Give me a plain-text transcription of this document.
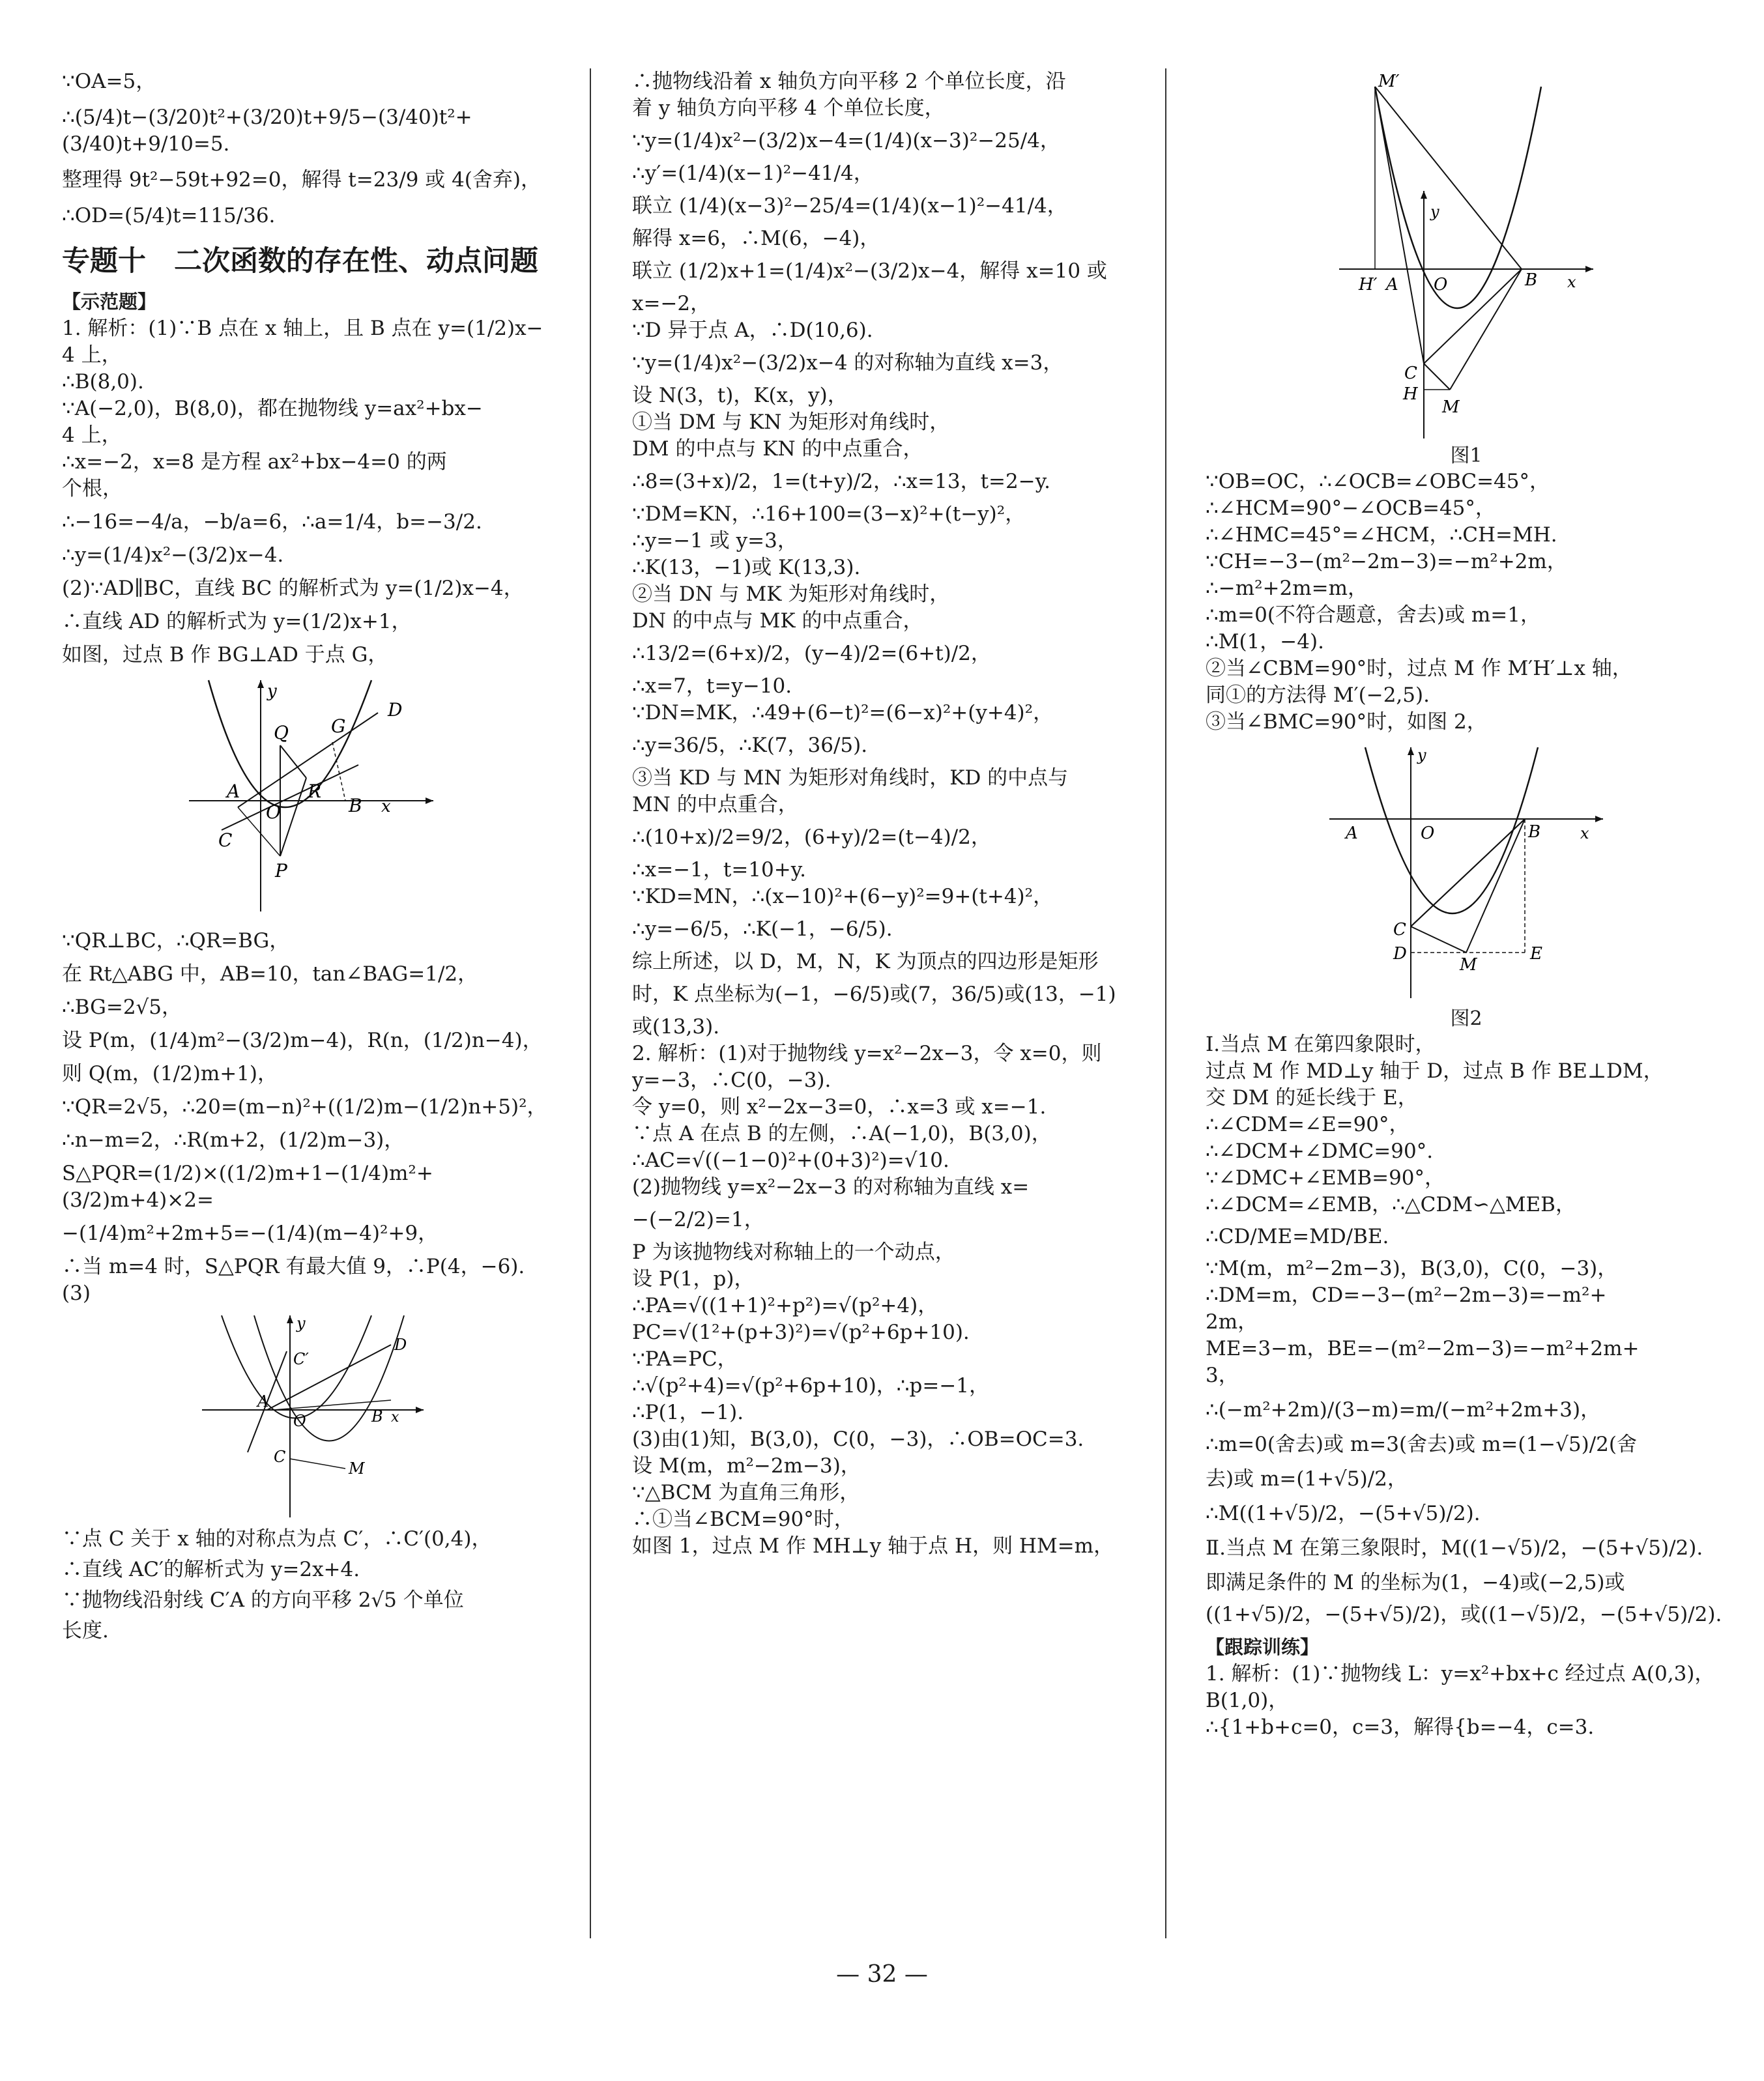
∵OA=5，

∴(5/4)t−(3/20)t²+(3/20)t+9/5−(3/40)t²+(3/40)t+9/10=5.

整理得 9t²−59t+92=0，解得 t=23/9 或 4(舍弃)，

∴OD=(5/4)t=115/36.

专题十　二次函数的存在性、动点问题
【示范题】

1. 解析：(1)∵B 点在 x 轴上，且 B 点在 y=(1/2)x−

4 上，

∴B(8,0).

∵A(−2,0)，B(8,0)，都在抛物线 y=ax²+bx−

4 上，

∴x=−2，x=8 是方程 ax²+bx−4=0 的两

个根，

∴−16=−4/a，−b/a=6，∴a=1/4，b=−3/2.

∴y=(1/4)x²−(3/2)x−4.

(2)∵AD∥BC，直线 BC 的解析式为 y=(1/2)x−4，

∴直线 AD 的解析式为 y=(1/2)x+1，

如图，过点 B 作 BG⊥AD 于点 G，

y
D
G
Q
A
O	B x
R
C
P

∵QR⊥BC，∴QR=BG，

在 Rt△ABG 中，AB=10，tan∠BAG=1/2，

∴BG=2√5，

设 P(m，(1/4)m²−(3/2)m−4)，R(n，(1/2)n−4)，

则 Q(m，(1/2)m+1)，

∵QR=2√5，∴20=(m−n)²+((1/2)m−(1/2)n+5)²，

∴n−m=2，∴R(m+2，(1/2)m−3)，

S△PQR=(1/2)×((1/2)m+1−(1/4)m²+(3/2)m+4)×2=

−(1/4)m²+2m+5=−(1/4)(m−4)²+9，

∴当 m=4 时，S△PQR 有最大值 9，∴P(4，−6).

(3)

y
D
C′
A
O	B x
C
M

∵点 C 关于 x 轴的对称点为点 C′，∴C′(0,4)，

∴直线 AC′的解析式为 y=2x+4.

∵抛物线沿射线 C′A 的方向平移 2√5 个单位

长度.

∴抛物线沿着 x 轴负方向平移 2 个单位长度，沿

着 y 轴负方向平移 4 个单位长度，

∵y=(1/4)x²−(3/2)x−4=(1/4)(x−3)²−25/4，

∴y′=(1/4)(x−1)²−41/4，

联立 (1/4)(x−3)²−25/4=(1/4)(x−1)²−41/4，

解得 x=6，∴M(6，−4)，

联立 (1/2)x+1=(1/4)x²−(3/2)x−4，解得 x=10 或

x=−2，

∵D 异于点 A，∴D(10,6).

∵y=(1/4)x²−(3/2)x−4 的对称轴为直线 x=3，

设 N(3，t)，K(x，y)，

①当 DM 与 KN 为矩形对角线时，

DM 的中点与 KN 的中点重合，

∴8=(3+x)/2，1=(t+y)/2，∴x=13，t=2−y.

∵DM=KN，∴16+100=(3−x)²+(t−y)²，

∴y=−1 或 y=3，

∴K(13，−1)或 K(13,3).

②当 DN 与 MK 为矩形对角线时，

DN 的中点与 MK 的中点重合，

∴13/2=(6+x)/2，(y−4)/2=(6+t)/2，

∴x=7，t=y−10.

∵DN=MK，∴49+(6−t)²=(6−x)²+(y+4)²，

∴y=36/5，∴K(7，36/5).

③当 KD 与 MN 为矩形对角线时，KD 的中点与

MN 的中点重合，

∴(10+x)/2=9/2，(6+y)/2=(t−4)/2，

∴x=−1，t=10+y.

∵KD=MN，∴(x−10)²+(6−y)²=9+(t+4)²，

∴y=−6/5，∴K(−1，−6/5).

综上所述，以 D，M，N，K 为顶点的四边形是矩形

时，K 点坐标为(−1，−6/5)或(7，36/5)或(13，−1)

或(13,3).

2. 解析：(1)对于抛物线 y=x²−2x−3，令 x=0，则

y=−3，∴C(0，−3).

令 y=0，则 x²−2x−3=0，∴x=3 或 x=−1.

∵点 A 在点 B 的左侧，∴A(−1,0)，B(3,0)，

∴AC=√((−1−0)²+(0+3)²)=√10.

(2)抛物线 y=x²−2x−3 的对称轴为直线 x=

−(−2/2)=1，

P 为该抛物线对称轴上的一个动点，

设 P(1，p)，

∴PA=√((1+1)²+p²)=√(p²+4)，

PC=√(1²+(p+3)²)=√(p²+6p+10).

∵PA=PC，

∴√(p²+4)=√(p²+6p+10)，∴p=−1，

∴P(1，−1).

(3)由(1)知，B(3,0)，C(0，−3)，∴OB=OC=3.

设 M(m，m²−2m−3)，

∵△BCM 为直角三角形，

∴①当∠BCM=90°时，

如图 1，过点 M 作 MH⊥y 轴于点 H，则 HM=m，

M′
y
H′ A O	B x
C
H
M
图1

∵OB=OC，∴∠OCB=∠OBC=45°，

∴∠HCM=90°−∠OCB=45°，

∴∠HMC=45°=∠HCM，∴CH=MH.

∵CH=−3−(m²−2m−3)=−m²+2m，

∴−m²+2m=m，

∴m=0(不符合题意，舍去)或 m=1，

∴M(1，−4).

②当∠CBM=90°时，过点 M 作 M′H′⊥x 轴，

同①的方法得 M′(−2,5).

③当∠BMC=90°时，如图 2，

y
A	O	B	x
C
D
M
E
图2

Ⅰ.当点 M 在第四象限时，

过点 M 作 MD⊥y 轴于 D，过点 B 作 BE⊥DM，

交 DM 的延长线于 E，

∴∠CDM=∠E=90°，

∴∠DCM+∠DMC=90°.

∵∠DMC+∠EMB=90°，

∴∠DCM=∠EMB，∴△CDM∽△MEB，

∴CD/ME=MD/BE.

∵M(m，m²−2m−3)，B(3,0)，C(0，−3)，

∴DM=m，CD=−3−(m²−2m−3)=−m²+

2m，

ME=3−m，BE=−(m²−2m−3)=−m²+2m+

3，

∴(−m²+2m)/(3−m)=m/(−m²+2m+3)，

∴m=0(舍去)或 m=3(舍去)或 m=(1−√5)/2(舍

去)或 m=(1+√5)/2，

∴M((1+√5)/2，−(5+√5)/2).

Ⅱ.当点 M 在第三象限时，M((1−√5)/2，−(5+√5)/2).

即满足条件的 M 的坐标为(1，−4)或(−2,5)或

((1+√5)/2，−(5+√5)/2)，或((1−√5)/2，−(5+√5)/2).

【跟踪训练】

1. 解析：(1)∵抛物线 L：y=x²+bx+c 经过点 A(0,3)，

B(1,0)，

∴{1+b+c=0，c=3，解得{b=−4，c=3.

— 32 —
